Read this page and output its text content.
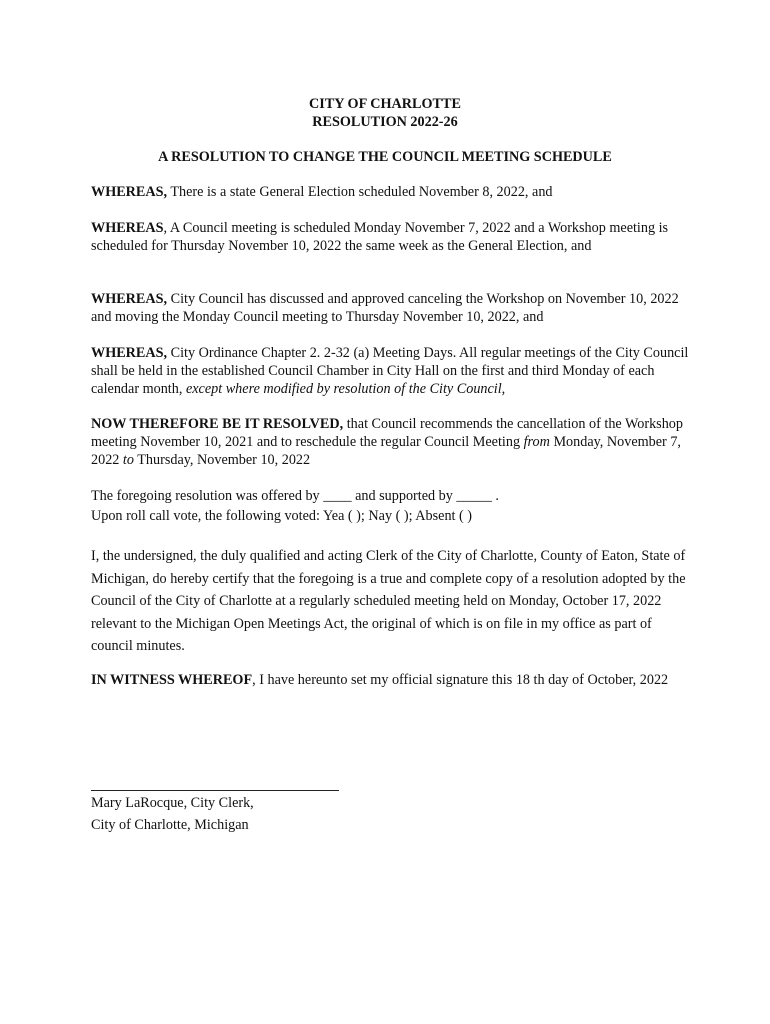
CITY OF CHARLOTTE
RESOLUTION 2022-26
A RESOLUTION TO CHANGE THE COUNCIL MEETING SCHEDULE
WHEREAS, There is a state General Election scheduled November 8, 2022, and
WHEREAS, A Council meeting is scheduled Monday November 7, 2022 and a Workshop meeting is scheduled for Thursday November 10, 2022 the same week as the General Election, and
WHEREAS, City Council has discussed and approved canceling the Workshop on November 10, 2022 and moving the Monday Council meeting to Thursday November 10, 2022, and
WHEREAS, City Ordinance Chapter 2. 2-32 (a) Meeting Days. All regular meetings of the City Council shall be held in the established Council Chamber in City Hall on the first and third Monday of each calendar month, except where modified by resolution of the City Council,
NOW THEREFORE BE IT RESOLVED, that Council recommends the cancellation of the Workshop meeting November 10, 2021 and to reschedule the regular Council Meeting from Monday, November 7, 2022 to Thursday, November 10, 2022
The foregoing resolution was offered by ____ and supported by _____ .
Upon roll call vote, the following voted: Yea ( ); Nay ( ); Absent ( )
I, the undersigned, the duly qualified and acting Clerk of the City of Charlotte, County of Eaton, State of Michigan, do hereby certify that the foregoing is a true and complete copy of a resolution adopted by the Council of the City of Charlotte at a regularly scheduled meeting held on Monday, October 17, 2022 relevant to the Michigan Open Meetings Act, the original of which is on file in my office as part of council minutes.
IN WITNESS WHEREOF, I have hereunto set my official signature this 18 th day of October, 2022
Mary LaRocque, City Clerk,
City of Charlotte, Michigan
